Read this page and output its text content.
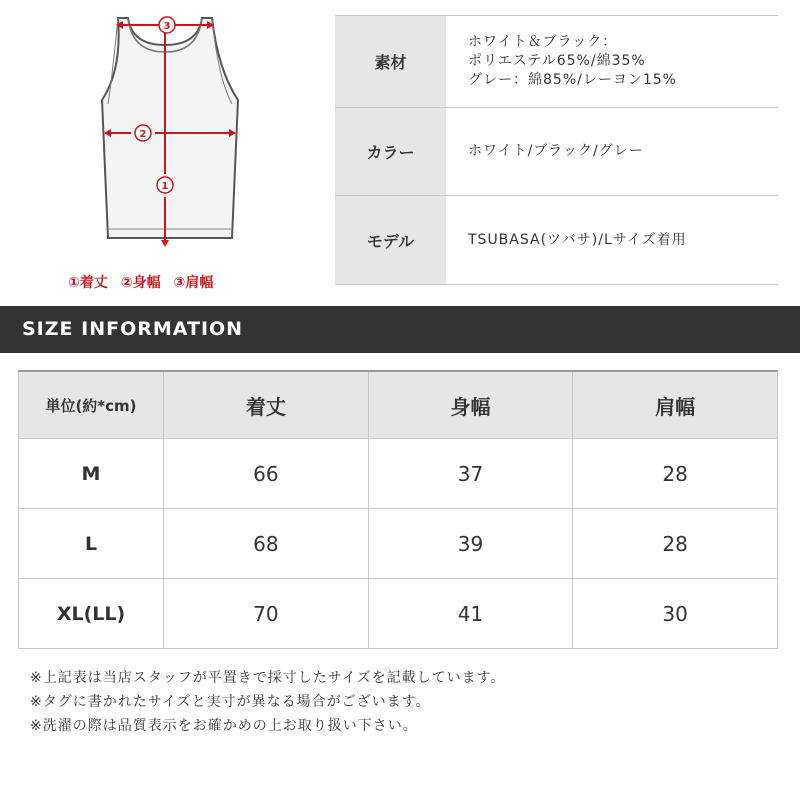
3
2
1
①着丈 ②身幅 ③肩幅
素材	ホワイト＆ブラック：
ポリエステル65%/綿35%
グレー：綿85%/レーヨン15%

カラー	ホワイト/ブラック/グレー

モデル	TSUBASA(ツバサ)/Lサイズ着用
SIZE INFORMATION
単位(約*cm)	着丈	身幅	肩幅
M	66	37	28
L	68	39	28
XL(LL)	70	41	30
※上記表は当店スタッフが平置きで採寸したサイズを記載しています。
※タグに書かれたサイズと実寸が異なる場合がございます。
※洗濯の際は品質表示をお確かめの上お取り扱い下さい。
